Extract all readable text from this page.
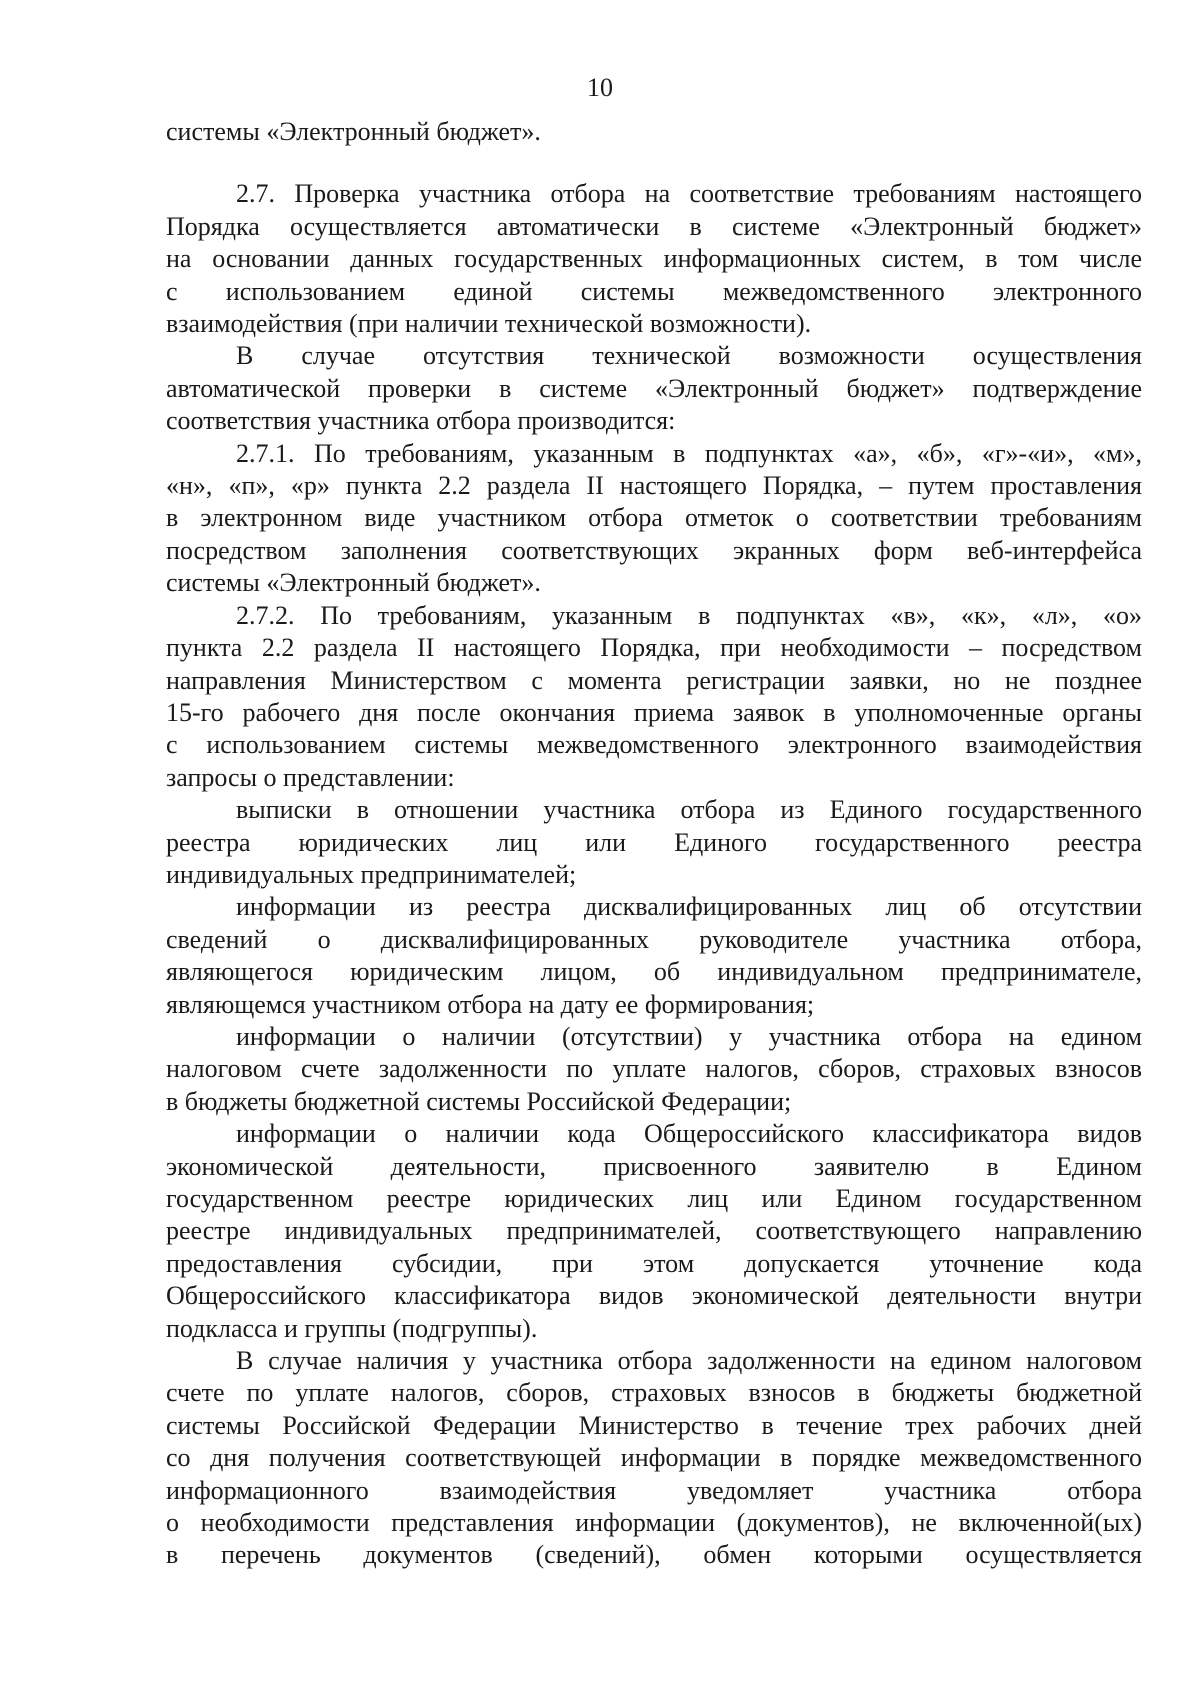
10
системы «Электронный бюджет».
2.7. Проверка участника отбора на соответствие требованиям настоящего
Порядка осуществляется автоматически в системе «Электронный бюджет»
на основании данных государственных информационных систем, в том числе
с использованием единой системы межведомственного электронного
взаимодействия (при наличии технической возможности).
В случае отсутствия технической возможности осуществления
автоматической проверки в системе «Электронный бюджет» подтверждение
соответствия участника отбора производится:
2.7.1. По требованиям, указанным в подпунктах «а», «б», «г»-«и», «м»,
«н», «п», «р» пункта 2.2 раздела II настоящего Порядка, – путем проставления
в электронном виде участником отбора отметок о соответствии требованиям
посредством заполнения соответствующих экранных форм веб-интерфейса
системы «Электронный бюджет».
2.7.2. По требованиям, указанным в подпунктах «в», «к», «л», «о»
пункта 2.2 раздела II настоящего Порядка, при необходимости – посредством
направления Министерством с момента регистрации заявки, но не позднее
15-го рабочего дня после окончания приема заявок в уполномоченные органы
с использованием системы межведомственного электронного взаимодействия
запросы о представлении:
выписки в отношении участника отбора из Единого государственного
реестра юридических лиц или Единого государственного реестра
индивидуальных предпринимателей;
информации из реестра дисквалифицированных лиц об отсутствии
сведений о дисквалифицированных руководителе участника отбора,
являющегося юридическим лицом, об индивидуальном предпринимателе,
являющемся участником отбора на дату ее формирования;
информации о наличии (отсутствии) у участника отбора на едином
налоговом счете задолженности по уплате налогов, сборов, страховых взносов
в бюджеты бюджетной системы Российской Федерации;
информации о наличии кода Общероссийского классификатора видов
экономической деятельности, присвоенного заявителю в Едином
государственном реестре юридических лиц или Едином государственном
реестре индивидуальных предпринимателей, соответствующего направлению
предоставления субсидии, при этом допускается уточнение кода
Общероссийского классификатора видов экономической деятельности внутри
подкласса и группы (подгруппы).
В случае наличия у участника отбора задолженности на едином налоговом
счете по уплате налогов, сборов, страховых взносов в бюджеты бюджетной
системы Российской Федерации Министерство в течение трех рабочих дней
со дня получения соответствующей информации в порядке межведомственного
информационного взаимодействия уведомляет участника отбора
о необходимости представления информации (документов), не включенной(ых)
в перечень документов (сведений), обмен которыми осуществляется
